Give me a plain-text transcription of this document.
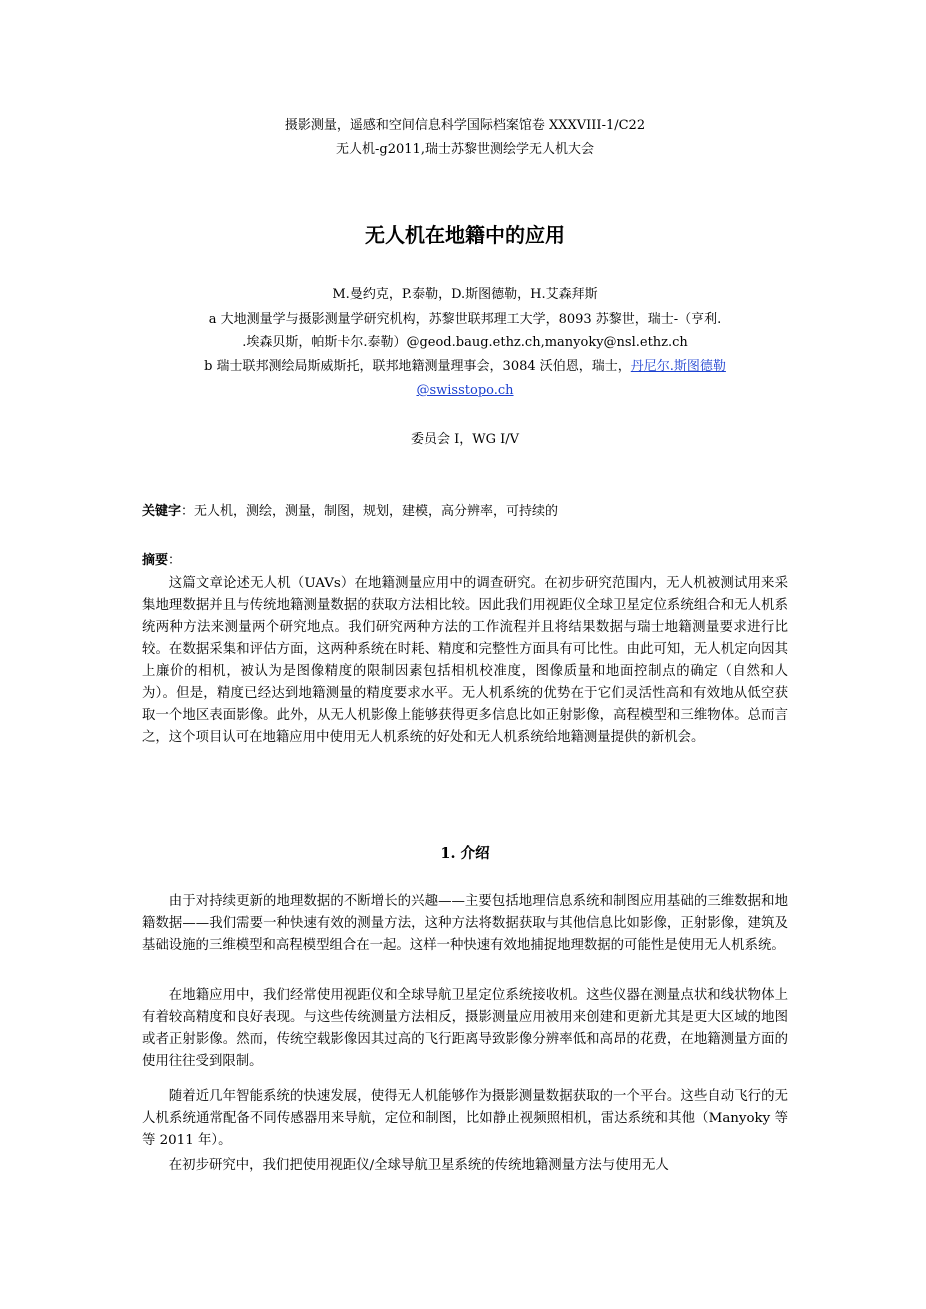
摄影测量，遥感和空间信息科学国际档案馆卷 XXXVIII-1/C22
无人机-g2011,瑞士苏黎世测绘学无人机大会
无人机在地籍中的应用
M.曼约克，P.泰勒，D.斯图德勒，H.艾森拜斯
a 大地测量学与摄影测量学研究机构，苏黎世联邦理工大学，8093 苏黎世，瑞士-（亨利.
.埃森贝斯，帕斯卡尔.泰勒）@geod.baug.ethz.ch,manyoky@nsl.ethz.ch
b 瑞士联邦测绘局斯威斯托，联邦地籍测量理事会，3084 沃伯恩，瑞士，丹尼尔.斯图德勒
@swisstopo.ch
委员会 I，WG I/V
关键字：无人机，测绘，测量，制图，规划，建模，高分辨率，可持续的
摘要：

这篇文章论述无人机（UAVs）在地籍测量应用中的调查研究。在初步研究范围内，无人机被测试用来采集地理数据并且与传统地籍测量数据的获取方法相比较。因此我们用视距仪全球卫星定位系统组合和无人机系统两种方法来测量两个研究地点。我们研究两种方法的工作流程并且将结果数据与瑞士地籍测量要求进行比较。在数据采集和评估方面，这两种系统在时耗、精度和完整性方面具有可比性。由此可知，无人机定向因其上廉价的相机，被认为是图像精度的限制因素包括相机校准度，图像质量和地面控制点的确定（自然和人为）。但是，精度已经达到地籍测量的精度要求水平。无人机系统的优势在于它们灵活性高和有效地从低空获取一个地区表面影像。此外，从无人机影像上能够获得更多信息比如正射影像，高程模型和三维物体。总而言之，这个项目认可在地籍应用中使用无人机系统的好处和无人机系统给地籍测量提供的新机会。

1. 介绍

由于对持续更新的地理数据的不断增长的兴趣——主要包括地理信息系统和制图应用基础的三维数据和地籍数据——我们需要一种快速有效的测量方法，这种方法将数据获取与其他信息比如影像，正射影像，建筑及基础设施的三维模型和高程模型组合在一起。这样一种快速有效地捕捉地理数据的可能性是使用无人机系统。

在地籍应用中，我们经常使用视距仪和全球导航卫星定位系统接收机。这些仪器在测量点状和线状物体上有着较高精度和良好表现。与这些传统测量方法相反，摄影测量应用被用来创建和更新尤其是更大区域的地图或者正射影像。然而，传统空载影像因其过高的飞行距离导致影像分辨率低和高昂的花费，在地籍测量方面的使用往往受到限制。

随着近几年智能系统的快速发展，使得无人机能够作为摄影测量数据获取的一个平台。这些自动飞行的无人机系统通常配备不同传感器用来导航，定位和制图，比如静止视频照相机，雷达系统和其他（Manyoky 等等 2011 年）。

在初步研究中，我们把使用视距仪/全球导航卫星系统的传统地籍测量方法与使用无人
